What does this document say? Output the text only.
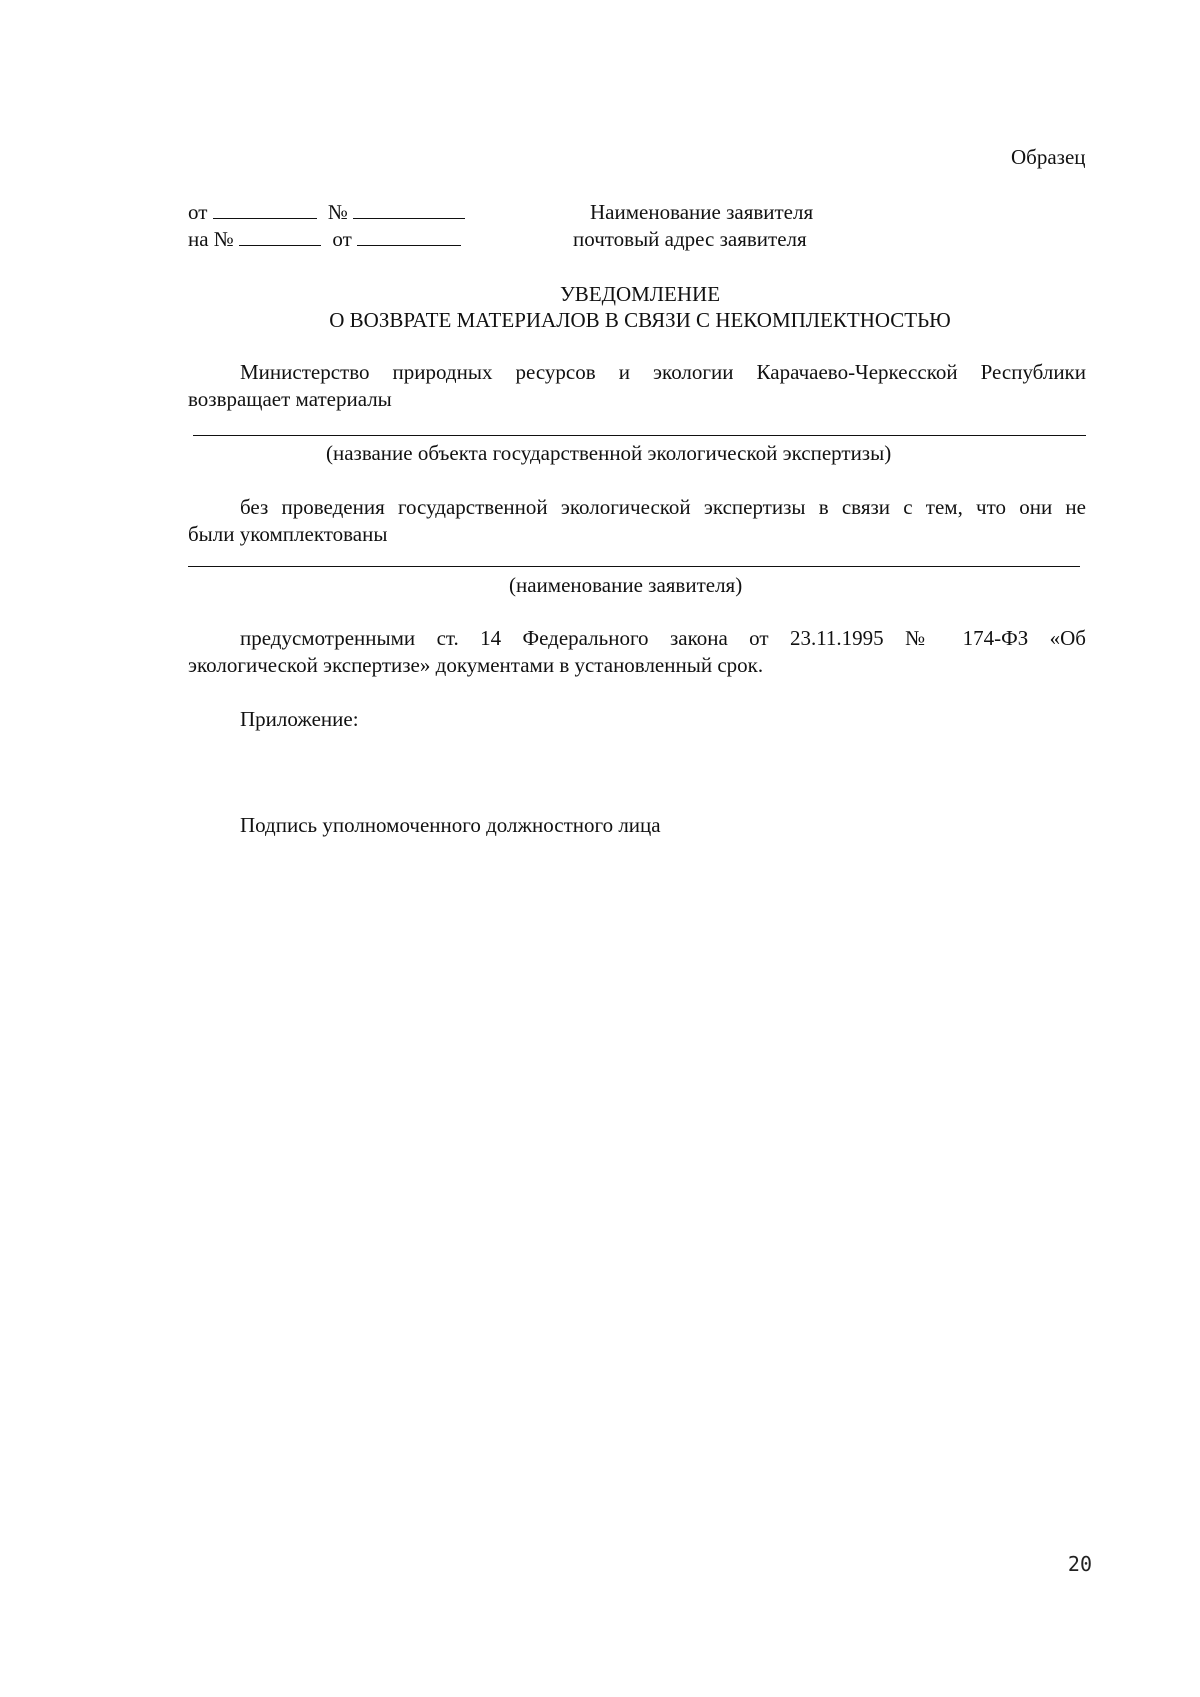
Образец
от	№
на №	от
Наименование заявителя
почтовый адрес заявителя
УВЕДОМЛЕНИЕ
О ВОЗВРАТЕ МАТЕРИАЛОВ В СВЯЗИ С НЕКОМПЛЕКТНОСТЬЮ
Министерство природных ресурсов и экологии Карачаево-Черкесской Республики
возвращает материалы
(название объекта государственной экологической экспертизы)
без проведения государственной экологической экспертизы в связи с тем, что они не
были укомплектованы
(наименование заявителя)
предусмотренными ст. 14 Федерального закона от 23.11.1995 № 174-ФЗ «Об
экологической экспертизе» документами в установленный срок.
Приложение:
Подпись уполномоченного должностного лица
20
